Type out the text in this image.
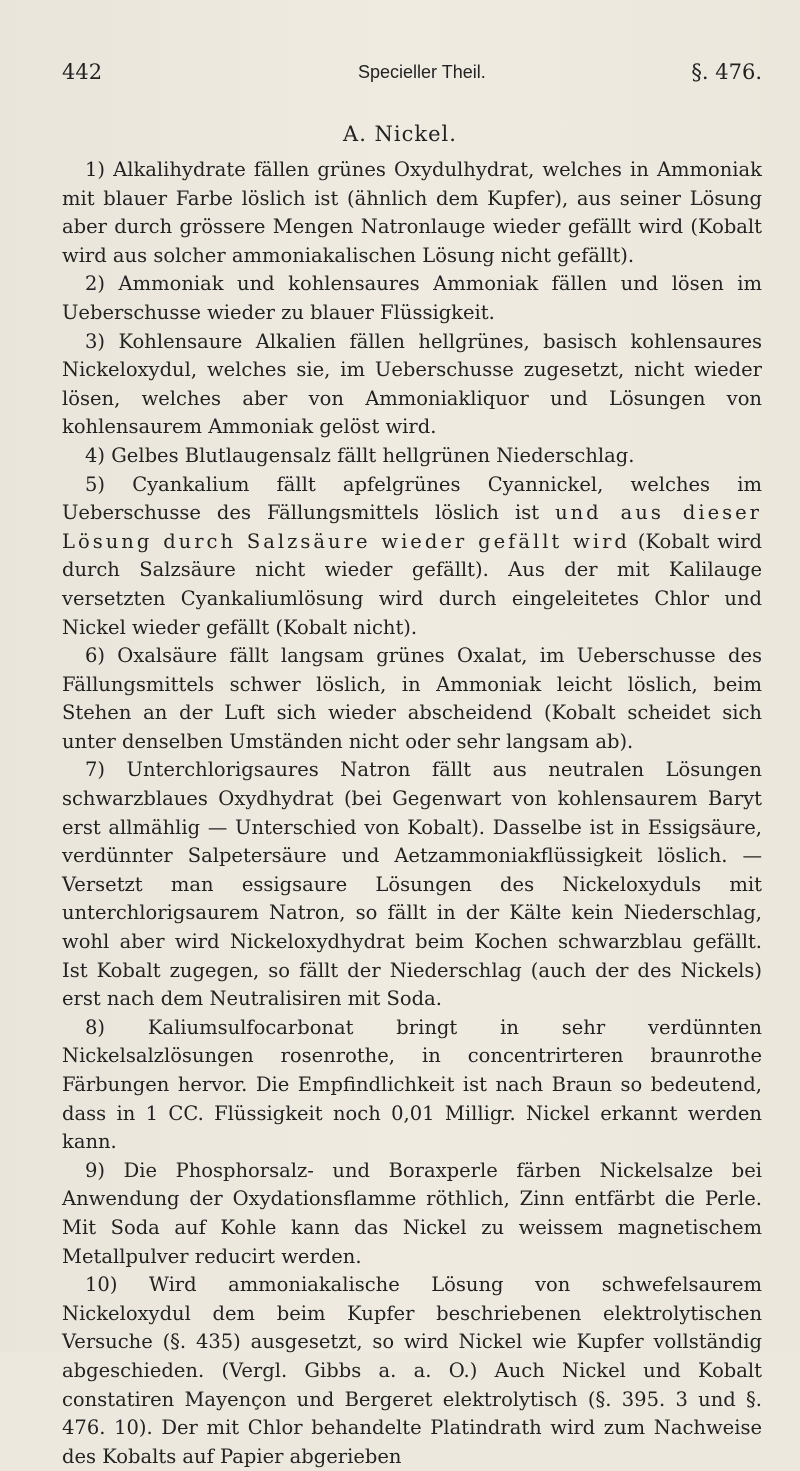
442	Specieller Theil.	§. 476.
A. Nickel.

1) Alkalihydrate fällen grünes Oxydulhydrat, welches in Ammoniak mit blauer Farbe löslich ist (ähnlich dem Kupfer), aus seiner Lösung aber durch grössere Mengen Natronlauge wieder gefällt wird (Kobalt wird aus solcher ammoniakalischen Lösung nicht gefällt).

2) Ammoniak und kohlensaures Ammoniak fällen und lösen im Ueberschusse wieder zu blauer Flüssigkeit.

3) Kohlensaure Alkalien fällen hellgrünes, basisch kohlensaures Nickeloxydul, welches sie, im Ueberschusse zugesetzt, nicht wieder lösen, welches aber von Ammoniakliquor und Lösungen von kohlensaurem Ammoniak gelöst wird.

4) Gelbes Blutlaugensalz fällt hellgrünen Niederschlag.

5) Cyankalium fällt apfelgrünes Cyannickel, welches im Ueberschusse des Fällungsmittels löslich ist und aus dieser Lösung durch Salzsäure wieder gefällt wird (Kobalt wird durch Salzsäure nicht wieder gefällt). Aus der mit Kalilauge versetzten Cyankaliumlösung wird durch eingeleitetes Chlor und Nickel wieder gefällt (Kobalt nicht).

6) Oxalsäure fällt langsam grünes Oxalat, im Ueberschusse des Fällungsmittels schwer löslich, in Ammoniak leicht löslich, beim Stehen an der Luft sich wieder abscheidend (Kobalt scheidet sich unter denselben Umständen nicht oder sehr langsam ab).

7) Unterchlorigsaures Natron fällt aus neutralen Lösungen schwarzblaues Oxydhydrat (bei Gegenwart von kohlensaurem Baryt erst allmählig — Unterschied von Kobalt). Dasselbe ist in Essigsäure, verdünnter Salpetersäure und Aetzammoniakflüssigkeit löslich. — Versetzt man essigsaure Lösungen des Nickeloxyduls mit unterchlorigsaurem Natron, so fällt in der Kälte kein Niederschlag, wohl aber wird Nickeloxydhydrat beim Kochen schwarzblau gefällt. Ist Kobalt zugegen, so fällt der Niederschlag (auch der des Nickels) erst nach dem Neutralisiren mit Soda.

8) Kaliumsulfocarbonat bringt in sehr verdünnten Nickelsalzlösungen rosenrothe, in concentrirteren braunrothe Färbungen hervor. Die Empfindlichkeit ist nach Braun so bedeutend, dass in 1 CC. Flüssigkeit noch 0,01 Milligr. Nickel erkannt werden kann.

9) Die Phosphorsalz- und Boraxperle färben Nickelsalze bei Anwendung der Oxydationsflamme röthlich, Zinn entfärbt die Perle. Mit Soda auf Kohle kann das Nickel zu weissem magnetischem Metallpulver reducirt werden.

10) Wird ammoniakalische Lösung von schwefelsaurem Nickeloxydul dem beim Kupfer beschriebenen elektrolytischen Versuche (§. 435) ausgesetzt, so wird Nickel wie Kupfer vollständig abgeschieden. (Vergl. Gibbs a. a. O.) Auch Nickel und Kobalt constatiren Mayençon und Bergeret elektrolytisch (§. 395. 3 und §. 476. 10). Der mit Chlor behandelte Platindrath wird zum Nachweise des Kobalts auf Papier abgerieben
